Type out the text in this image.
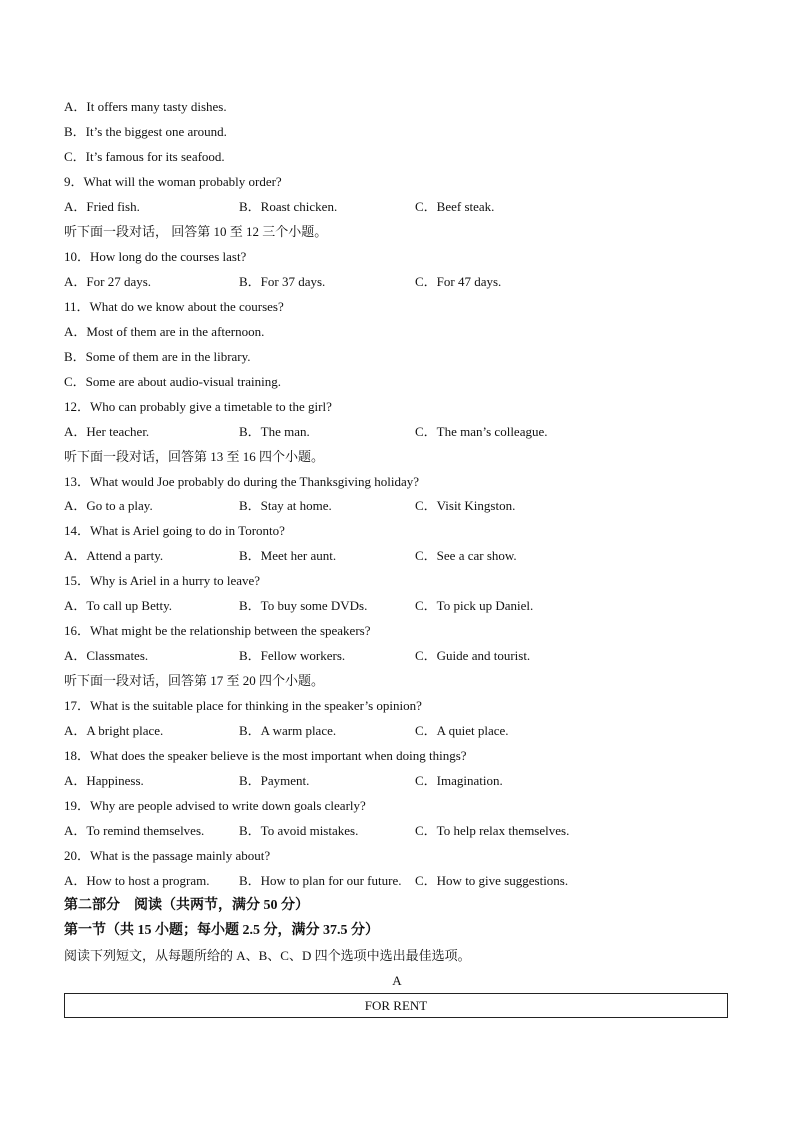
A．It offers many tasty dishes.
B．It’s the biggest one around.
C．It’s famous for its seafood.
9．What will the woman probably order?
A．Fried fish.	B．Roast chicken.	C．Beef steak.
听下面一段对话， 回答第 10 至 12 三个小题。
10．How long do the courses last?
A．For 27 days.	B．For 37 days.	C．For 47 days.
11．What do we know about the courses?
A．Most of them are in the afternoon.
B．Some of them are in the library.
C．Some are about audio-visual training.
12．Who can probably give a timetable to the girl?
A．Her teacher.	B．The man.	C．The man’s colleague.
听下面一段对话，回答第 13 至 16 四个小题。
13．What would Joe probably do during the Thanksgiving holiday?
A．Go to a play.	B．Stay at home.	C．Visit Kingston.
14．What is Ariel going to do in Toronto?
A．Attend a party.	B．Meet her aunt.	C．See a car show.
15．Why is Ariel in a hurry to leave?
A．To call up Betty.	B．To buy some DVDs.	C．To pick up Daniel.
16．What might be the relationship between the speakers?
A．Classmates.	B．Fellow workers.	C．Guide and tourist.
听下面一段对话，回答第 17 至 20 四个小题。
17．What is the suitable place for thinking in the speaker’s opinion?
A．A bright place.	B．A warm place.	C．A quiet place.
18．What does the speaker believe is the most important when doing things?
A．Happiness.	B．Payment.	C．Imagination.
19．Why are people advised to write down goals clearly?
A．To remind themselves.	B．To avoid mistakes.	C．To help relax themselves.
20．What is the passage mainly about?
A．How to host a program. B．How to plan for our future. C．How to give suggestions.
第二部分　阅读（共两节，满分 50 分）
第一节（共 15 小题；每小题 2.5 分，满分 37.5 分）
阅读下列短文，从每题所给的 A、B、C、D 四个选项中选出最佳选项。
A
FOR RENT
